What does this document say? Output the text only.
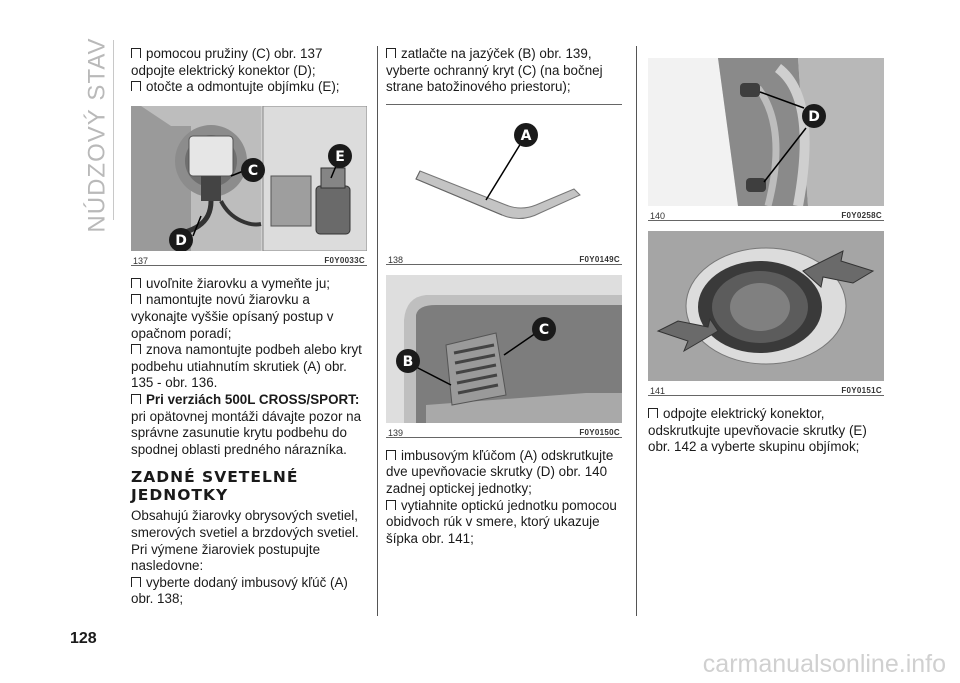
NÚDZOVÝ STAV	pomocou pružiny (C) obr. 137 odpojte elektrický konektor (D);

otočte a odmontujte objímku (E);

C
D
E
137	F0Y0033C

uvoľnite žiarovku a vymeňte ju;

namontujte novú žiarovku a vykonajte vyššie opísaný postup v opačnom poradí;

znova namontujte podbeh alebo kryt podbehu utiahnutím skrutiek (A) obr. 135 - obr. 136.

Pri verziách 500L CROSS/SPORT:
pri opätovnej montáži dávajte pozor na správne zasunutie krytu podbehu do spodnej oblasti predného nárazníka.

ZADNÉ SVETELNÉ
JEDNOTKY

Obsahujú žiarovky obrysových svetiel, smerových svetiel a brzdových svetiel. Pri výmene žiaroviek postupujte nasledovne:

vyberte dodaný imbusový kľúč (A) obr. 138;

zatlačte na jazýček (B) obr. 139, vyberte ochranný kryt (C) (na bočnej strane batožinového priestoru);

A
138	F0Y0149C
B
C
139	F0Y0150C

imbusovým kľúčom (A) odskrutkujte dve upevňovacie skrutky (D) obr. 140 zadnej optickej jednotky;

vytiahnite optickú jednotku pomocou obidvoch rúk v smere, ktorý ukazuje šípka obr. 141;

D
140	F0Y0258C
141	F0Y0151C

odpojte elektrický konektor, odskrutkujte upevňovacie skrutky (E) obr. 142 a vyberte skupinu objímok;

128
carmanualsonline.info
